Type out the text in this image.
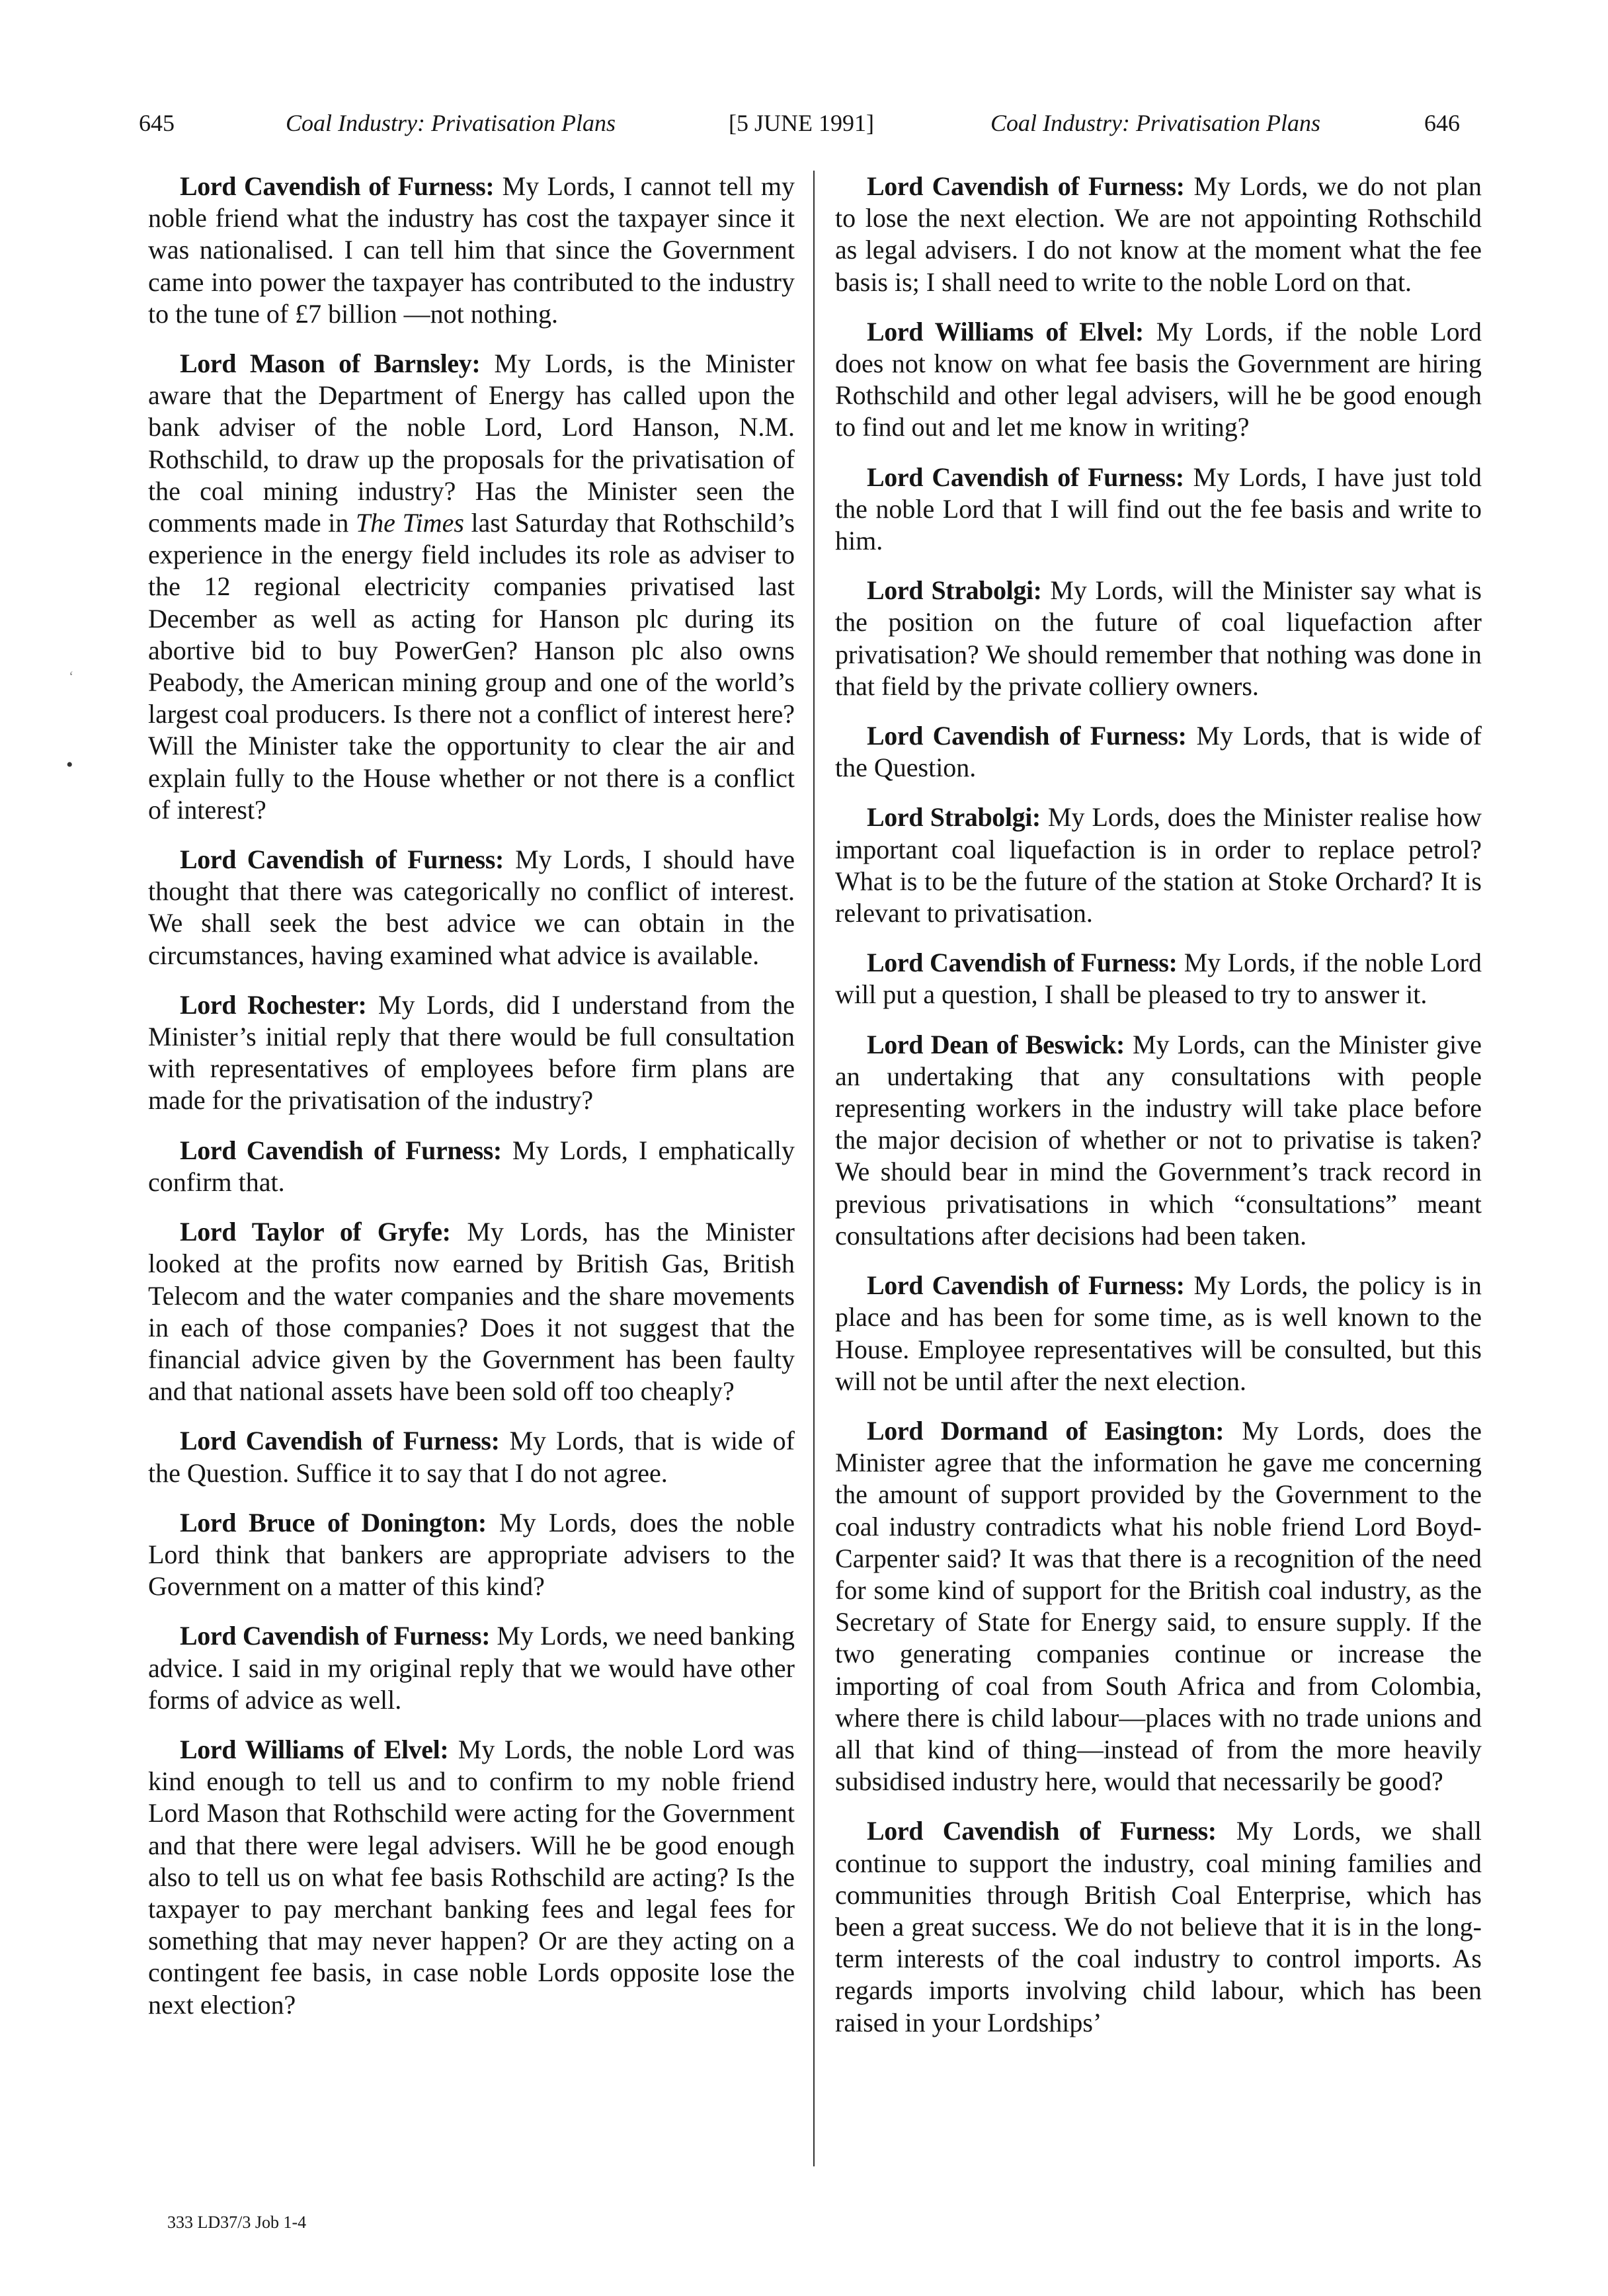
645	Coal Industry: Privatisation Plans	[5 JUNE 1991]	Coal Industry: Privatisation Plans	646

Lord Cavendish of Furness: My Lords, I cannot tell my noble friend what the industry has cost the taxpayer since it was nationalised. I can tell him that since the Government came into power the taxpayer has contributed to the industry to the tune of £7 billion —not nothing.

Lord Mason of Barnsley: My Lords, is the Minister aware that the Department of Energy has called upon the bank adviser of the noble Lord, Lord Hanson, N.M. Rothschild, to draw up the proposals for the privatisation of the coal mining industry? Has the Minister seen the comments made in The Times last Saturday that Rothschild’s experience in the energy field includes its role as adviser to the 12 regional electricity companies privatised last December as well as acting for Hanson plc during its abortive bid to buy PowerGen? Hanson plc also owns Peabody, the American mining group and one of the world’s largest coal producers. Is there not a conflict of interest here? Will the Minister take the opportunity to clear the air and explain fully to the House whether or not there is a conflict of interest?

Lord Cavendish of Furness: My Lords, I should have thought that there was categorically no conflict of interest. We shall seek the best advice we can obtain in the circumstances, having examined what advice is available.

Lord Rochester: My Lords, did I understand from the Minister’s initial reply that there would be full consultation with representatives of employees before firm plans are made for the privatisation of the industry?

Lord Cavendish of Furness: My Lords, I emphatically confirm that.

Lord Taylor of Gryfe: My Lords, has the Minister looked at the profits now earned by British Gas, British Telecom and the water companies and the share movements in each of those companies? Does it not suggest that the financial advice given by the Government has been faulty and that national assets have been sold off too cheaply?

Lord Cavendish of Furness: My Lords, that is wide of the Question. Suffice it to say that I do not agree.

Lord Bruce of Donington: My Lords, does the noble Lord think that bankers are appropriate advisers to the Government on a matter of this kind?

Lord Cavendish of Furness: My Lords, we need banking advice. I said in my original reply that we would have other forms of advice as well.

Lord Williams of Elvel: My Lords, the noble Lord was kind enough to tell us and to confirm to my noble friend Lord Mason that Rothschild were acting for the Government and that there were legal advisers. Will he be good enough also to tell us on what fee basis Rothschild are acting? Is the taxpayer to pay merchant banking fees and legal fees for something that may never happen? Or are they acting on a contingent fee basis, in case noble Lords opposite lose the next election?

Lord Cavendish of Furness: My Lords, we do not plan to lose the next election. We are not appointing Rothschild as legal advisers. I do not know at the moment what the fee basis is; I shall need to write to the noble Lord on that.

Lord Williams of Elvel: My Lords, if the noble Lord does not know on what fee basis the Government are hiring Rothschild and other legal advisers, will he be good enough to find out and let me know in writing?

Lord Cavendish of Furness: My Lords, I have just told the noble Lord that I will find out the fee basis and write to him.

Lord Strabolgi: My Lords, will the Minister say what is the position on the future of coal liquefaction after privatisation? We should remember that nothing was done in that field by the private colliery owners.

Lord Cavendish of Furness: My Lords, that is wide of the Question.

Lord Strabolgi: My Lords, does the Minister realise how important coal liquefaction is in order to replace petrol? What is to be the future of the station at Stoke Orchard? It is relevant to privatisation.

Lord Cavendish of Furness: My Lords, if the noble Lord will put a question, I shall be pleased to try to answer it.

Lord Dean of Beswick: My Lords, can the Minister give an undertaking that any consultations with people representing workers in the industry will take place before the major decision of whether or not to privatise is taken? We should bear in mind the Government’s track record in previous privatisations in which “consultations” meant consultations after decisions had been taken.

Lord Cavendish of Furness: My Lords, the policy is in place and has been for some time, as is well known to the House. Employee representatives will be consulted, but this will not be until after the next election.

Lord Dormand of Easington: My Lords, does the Minister agree that the information he gave me concerning the amount of support provided by the Government to the coal industry contradicts what his noble friend Lord Boyd-Carpenter said? It was that there is a recognition of the need for some kind of support for the British coal industry, as the Secretary of State for Energy said, to ensure supply. If the two generating companies continue or increase the importing of coal from South Africa and from Colombia, where there is child labour—places with no trade unions and all that kind of thing—instead of from the more heavily subsidised industry here, would that necessarily be good?

Lord Cavendish of Furness: My Lords, we shall continue to support the industry, coal mining families and communities through British Coal Enterprise, which has been a great success. We do not believe that it is in the long-term interests of the coal industry to control imports. As regards imports involving child labour, which has been raised in your Lordships’

333 LD37/3 Job 1-4
‘
•
